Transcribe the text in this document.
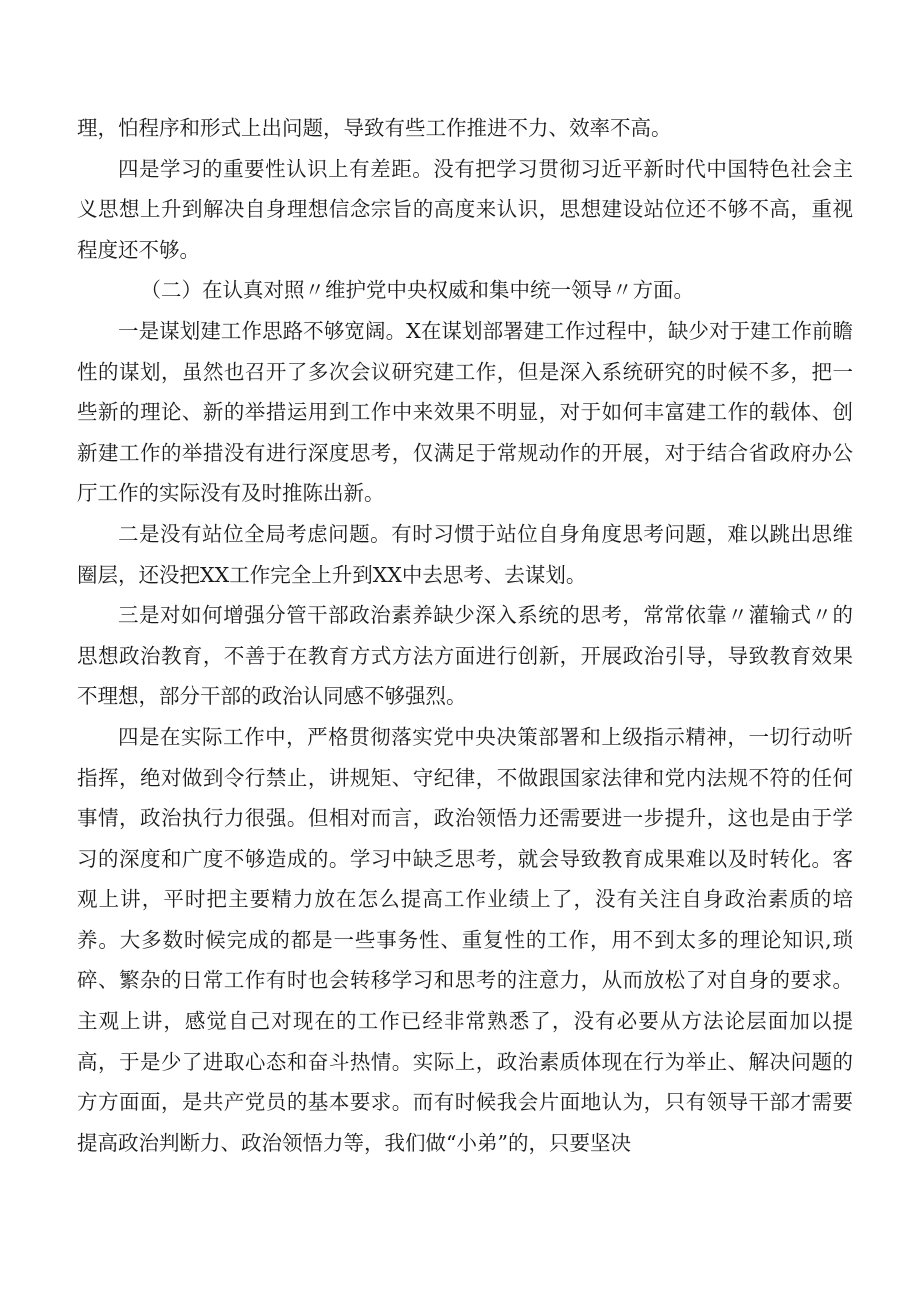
理，怕程序和形式上出问题，导致有些工作推进不力、效率不高。

四是学习的重要性认识上有差距。没有把学习贯彻习近平新时代中国特色社会主义思想上升到解决自身理想信念宗旨的高度来认识，思想建设站位还不够不高，重视程度还不够。

（二）在认真对照〃维护党中央权威和集中统一领导〃方面。

一是谋划建工作思路不够宽阔。X在谋划部署建工作过程中，缺少对于建工作前瞻性的谋划，虽然也召开了多次会议研究建工作，但是深入系统研究的时候不多，把一些新的理论、新的举措运用到工作中来效果不明显，对于如何丰富建工作的载体、创新建工作的举措没有进行深度思考，仅满足于常规动作的开展，对于结合省政府办公厅工作的实际没有及时推陈出新。

二是没有站位全局考虑问题。有时习惯于站位自身角度思考问题，难以跳出思维圈层，还没把XX工作完全上升到XX中去思考、去谋划。

三是对如何增强分管干部政治素养缺少深入系统的思考，常常依靠〃灌输式〃的思想政治教育，不善于在教育方式方法方面进行创新，开展政治引导，导致教育效果不理想，部分干部的政治认同感不够强烈。

四是在实际工作中，严格贯彻落实党中央决策部署和上级指示精神，一切行动听指挥，绝对做到令行禁止，讲规矩、守纪律，不做跟国家法律和党内法规不符的任何事情，政治执行力很强。但相对而言，政治领悟力还需要进一步提升，这也是由于学习的深度和广度不够造成的。学习中缺乏思考，就会导致教育成果难以及时转化。客观上讲，平时把主要精力放在怎么提高工作业绩上了，没有关注自身政治素质的培养。大多数时候完成的都是一些事务性、重复性的工作，用不到太多的理论知识,琐碎、繁杂的日常工作有时也会转移学习和思考的注意力，从而放松了对自身的要求。主观上讲，感觉自己对现在的工作已经非常熟悉了，没有必要从方法论层面加以提高，于是少了进取心态和奋斗热情。实际上，政治素质体现在行为举止、解决问题的方方面面，是共产党员的基本要求。而有时候我会片面地认为，只有领导干部才需要提高政治判断力、政治领悟力等，我们做“小弟”的，只要坚决
